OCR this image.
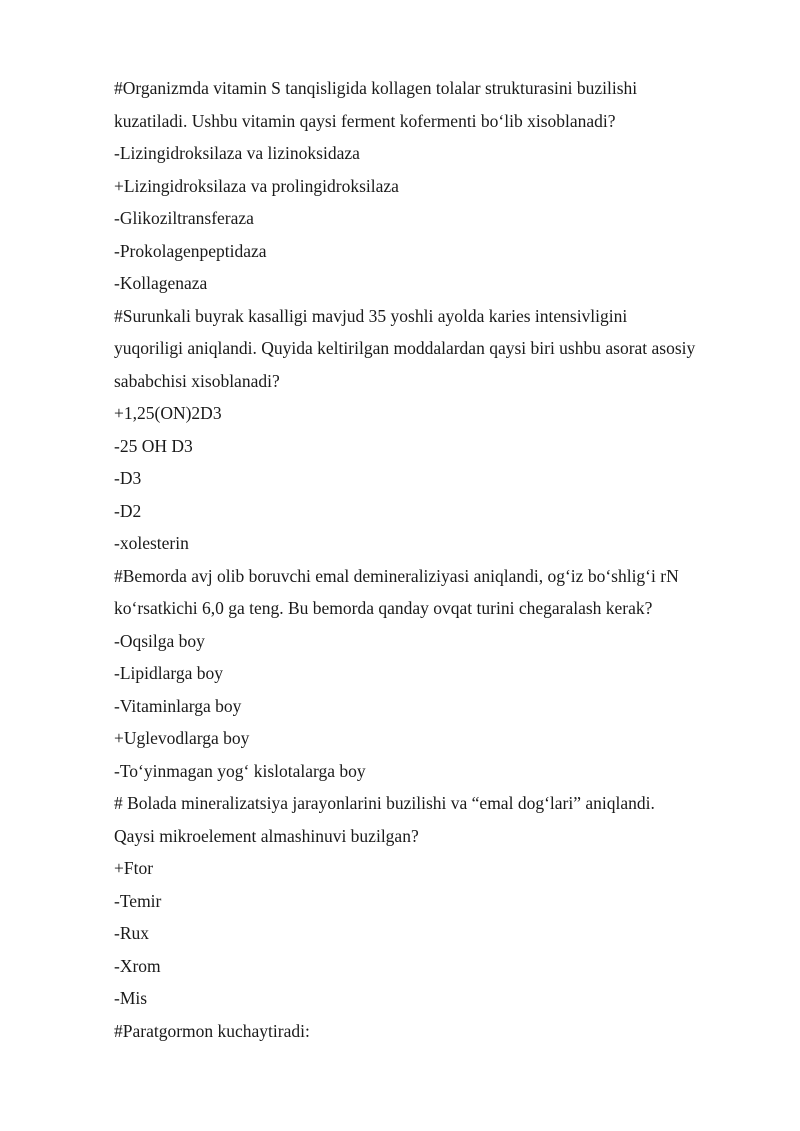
#Organizmda vitamin S tanqisligida kollagen tolalar strukturasini buzilishi
kuzatiladi. Ushbu vitamin qaysi ferment kofermenti bo‘lib xisoblanadi?
-Lizingidroksilaza va lizinoksidaza
+Lizingidroksilaza va prolingidroksilaza
-Glikoziltransferaza
-Prokolagenpeptidaza
-Kollagenaza
#Surunkali buyrak kasalligi mavjud 35 yoshli ayolda karies intensivligini
yuqoriligi aniqlandi. Quyida keltirilgan moddalardan qaysi biri ushbu asorat asosiy
sababchisi xisoblanadi?
+1,25(ON)2D3
-25 OH D3
-D3
-D2
-xolesterin
#Bemorda avj olib boruvchi emal demineraliziyasi aniqlandi, og‘iz bo‘shlig‘i rN
ko‘rsatkichi 6,0 ga teng. Bu bemorda qanday ovqat turini chegaralash kerak?
-Oqsilga boy
-Lipidlarga boy
-Vitaminlarga boy
+Uglevodlarga boy
-To‘yinmagan yog‘ kislotalarga boy
# Bolada mineralizatsiya jarayonlarini buzilishi va “emal dog‘lari” aniqlandi.
Qaysi mikroelement almashinuvi buzilgan?
+Ftor
-Temir
-Rux
-Xrom
-Mis
#Paratgormon kuchaytiradi:
